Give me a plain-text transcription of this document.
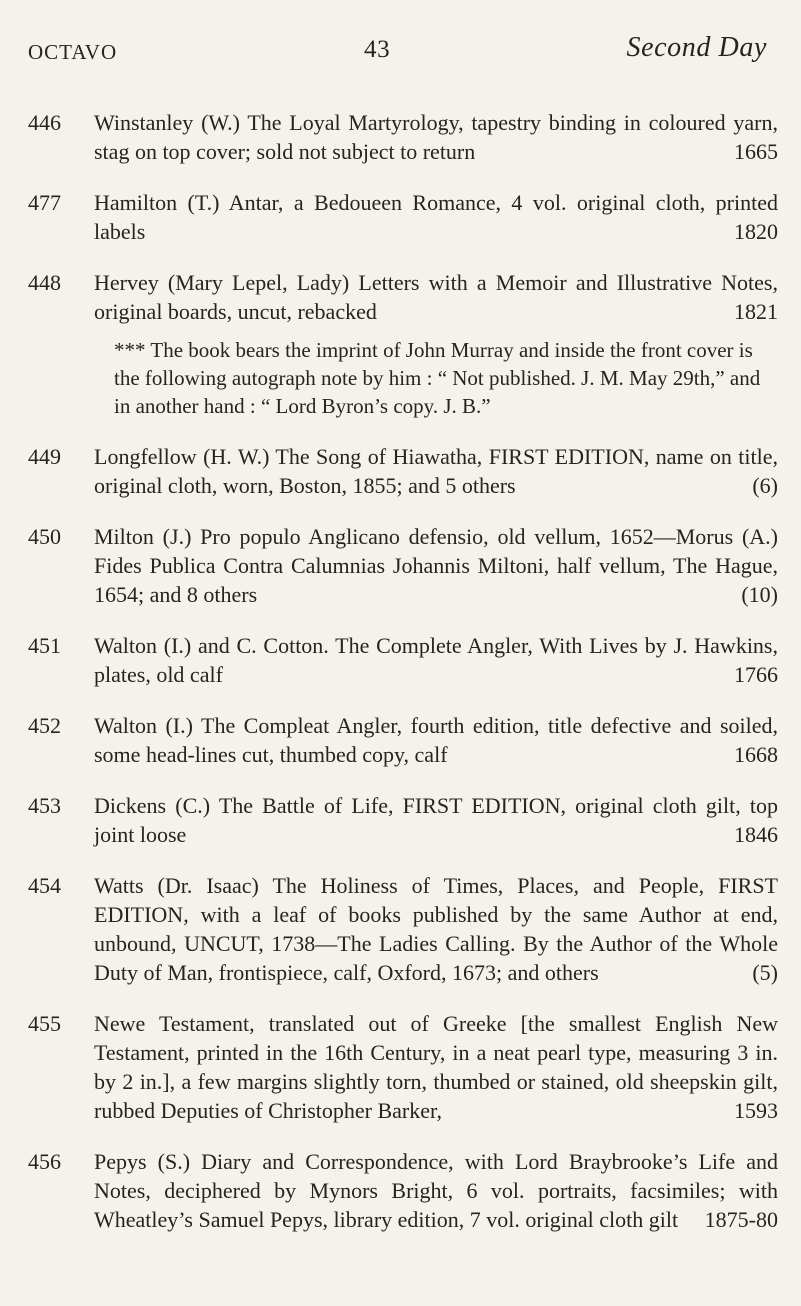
OCTAVO	43	Second Day
446 Winstanley (W.) The Loyal Martyrology, tapestry binding in coloured yarn, stag on top cover; sold not subject to return	1665
477 Hamilton (T.) Antar, a Bedoueen Romance, 4 vol. original cloth, printed labels	1820
448 Hervey (Mary Lepel, Lady) Letters with a Memoir and Illustrative Notes, original boards, uncut, rebacked	1821
*** The book bears the imprint of John Murray and inside the front cover is the following autograph note by him : “ Not published. J. M. May 29th,” and in another hand : “ Lord Byron’s copy. J. B.”
449 Longfellow (H. W.) The Song of Hiawatha, FIRST EDITION, name on title, original cloth, worn, Boston, 1855; and 5 others	(6)
450 Milton (J.) Pro populo Anglicano defensio, old vellum, 1652—Morus (A.) Fides Publica Contra Calumnias Johannis Miltoni, half vellum, The Hague, 1654; and 8 others	(10)
451 Walton (I.) and C. Cotton. The Complete Angler, With Lives by J. Hawkins, plates, old calf	1766
452 Walton (I.) The Compleat Angler, fourth edition, title defective and soiled, some head-lines cut, thumbed copy, calf	1668
453 Dickens (C.) The Battle of Life, FIRST EDITION, original cloth gilt, top joint loose	1846
454 Watts (Dr. Isaac) The Holiness of Times, Places, and People, FIRST EDITION, with a leaf of books published by the same Author at end, unbound, UNCUT, 1738—The Ladies Calling. By the Author of the Whole Duty of Man, frontispiece, calf, Oxford, 1673; and others	(5)
455 Newe Testament, translated out of Greeke [the smallest English New Testament, printed in the 16th Century, in a neat pearl type, measuring 3 in. by 2 in.], a few margins slightly torn, thumbed or stained, old sheepskin gilt, rubbed Deputies of Christopher Barker,	1593
456 Pepys (S.) Diary and Correspondence, with Lord Braybrooke’s Life and Notes, deciphered by Mynors Bright, 6 vol. portraits, facsimiles; with Wheatley’s Samuel Pepys, library edition, 7 vol. original cloth gilt 1875-80
